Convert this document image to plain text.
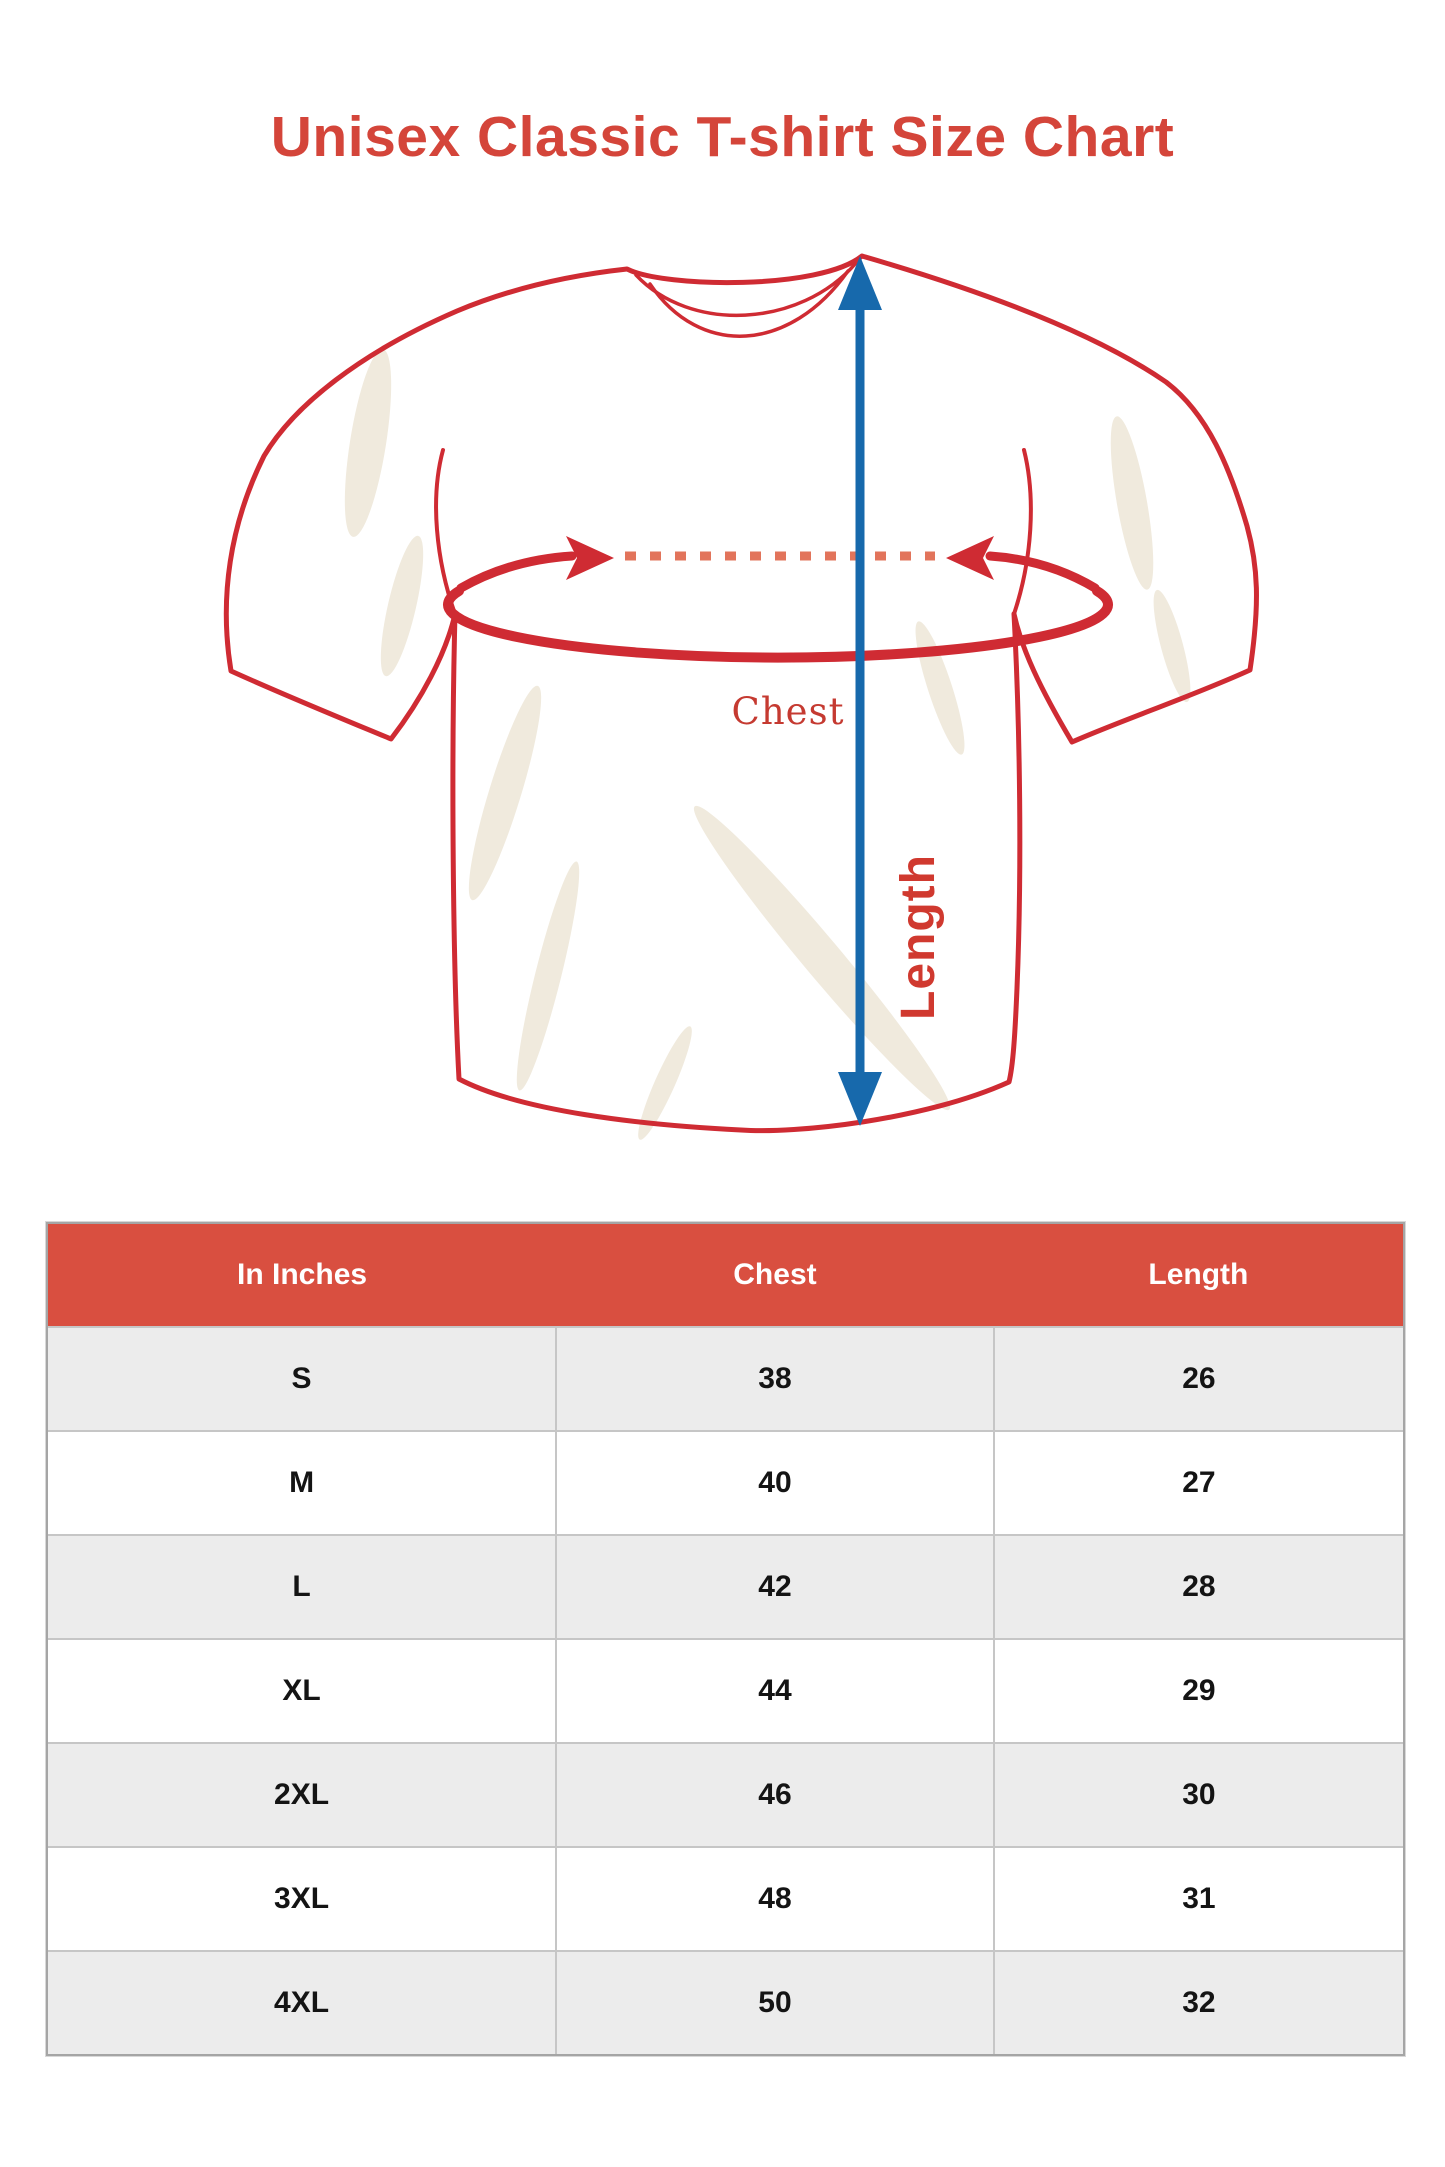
Unisex Classic T-shirt Size Chart
Chest
Length
In Inches	Chest	Length
S	38	26
M	40	27
L	42	28
XL	44	29
2XL	46	30
3XL	48	31
4XL	50	32
